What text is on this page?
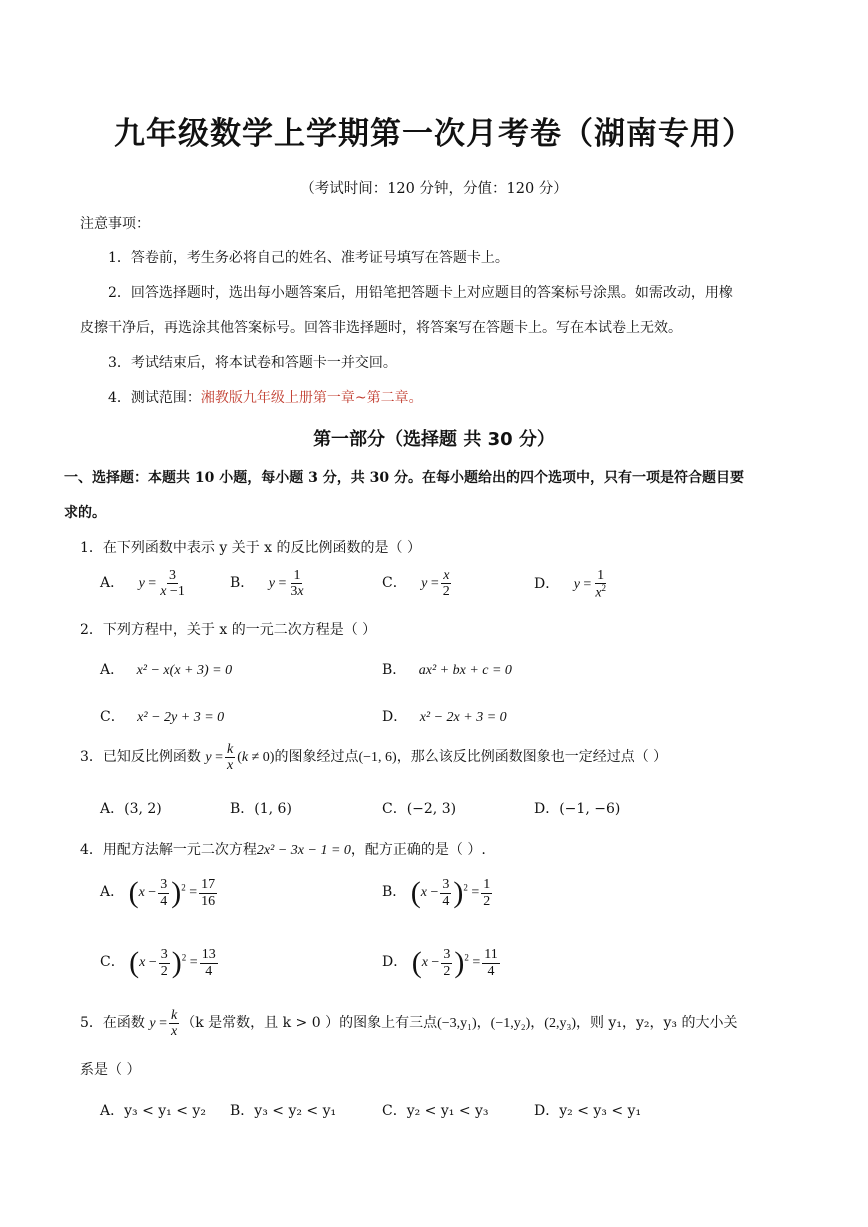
九年级数学上学期第一次月考卷（湖南专用）
（考试时间：120 分钟，分值：120 分）
注意事项：
1．答卷前，考生务必将自己的姓名、准考证号填写在答题卡上。
2．回答选择题时，选出每小题答案后，用铅笔把答题卡上对应题目的答案标号涂黑。如需改动，用橡
皮擦干净后，再选涂其他答案标号。回答非选择题时，将答案写在答题卡上。写在本试卷上无效。
3．考试结束后，将本试卷和答题卡一并交回。
4．测试范围：湘教版九年级上册第一章~第二章。
第一部分（选择题 共 30 分）
一、选择题：本题共 10 小题，每小题 3 分，共 30 分。在每小题给出的四个选项中，只有一项是符合题目要
求的。
1．在下列函数中表示 y 关于 x 的反比例函数的是（ ）
A． $y = \frac{3}{x -1}$	B． $y = \frac{1}{3x}$	C． $y = \frac{x}{2}$	D． $y = \frac{1}{x^2}$
2．下列方程中，关于 x 的一元二次方程是（ ）
A． x² − x(x + 3) = 0	B． ax² + bx + c = 0
C． x² − 2y + 3 = 0	D． x² − 2x + 3 = 0
3．已知反比例函数 $y = \frac{k}{x} (k \ne 0)$的图象经过点(−1, 6)，那么该反比例函数图象也一定经过点（ ）
A．(3, 2)	B．(1, 6)	C．(−2, 3)	D．(−1, −6)
4．用配方法解一元二次方程2x² − 3x − 1 = 0，配方正确的是（ ）.
A． $(x - \frac{3}{4} )^2 = \frac{17}{16}$	B． $(x - \frac{3}{4} )^2 = \frac{1}{2}$
C． $(x - \frac{3}{2} )^2 = \frac{13}{4}$	D． $(x - \frac{3}{2} )^2 = \frac{11}{4}$
5．在函数 $y = \frac{k}{x} (k$ 是常数，且 k > 0 ）的图象上有三点(−3,y₁)，(−1,y₂)，(2,y₃)，则 y₁，y₂，y₃ 的大小关
系是（ ）
A．y₃ < y₁ < y₂ B．y₃ < y₂ < y₁	C．y₂ < y₁ < y₃	D．y₂ < y₃ < y₁
